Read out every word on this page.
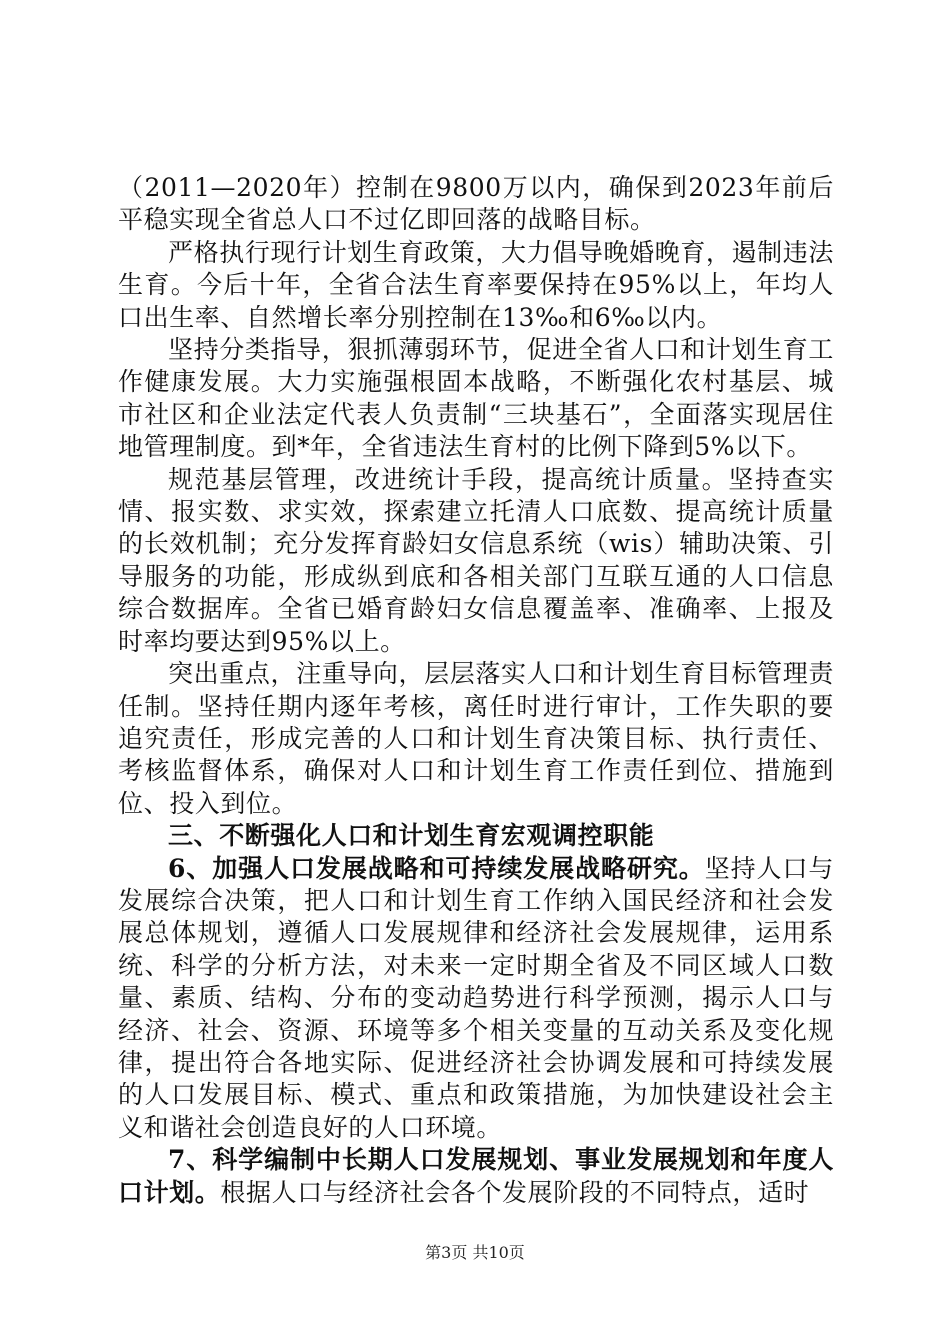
（2011—2020年）控制在9800万以内，确保到2023年前后平稳实现全省总人口不过亿即回落的战略目标。

严格执行现行计划生育政策，大力倡导晚婚晚育，遏制违法生育。今后十年，全省合法生育率要保持在95%以上，年均人口出生率、自然增长率分别控制在13‰和6‰以内。

坚持分类指导，狠抓薄弱环节，促进全省人口和计划生育工作健康发展。大力实施强根固本战略，不断强化农村基层、城市社区和企业法定代表人负责制“三块基石”，全面落实现居住地管理制度。到*年，全省违法生育村的比例下降到5%以下。

规范基层管理，改进统计手段，提高统计质量。坚持查实情、报实数、求实效，探索建立托清人口底数、提高统计质量的长效机制；充分发挥育龄妇女信息系统（wis）辅助决策、引导服务的功能，形成纵到底和各相关部门互联互通的人口信息综合数据库。全省已婚育龄妇女信息覆盖率、准确率、上报及时率均要达到95%以上。

突出重点，注重导向，层层落实人口和计划生育目标管理责任制。坚持任期内逐年考核，离任时进行审计，工作失职的要追究责任，形成完善的人口和计划生育决策目标、执行责任、考核监督体系，确保对人口和计划生育工作责任到位、措施到位、投入到位。

三、不断强化人口和计划生育宏观调控职能

6、加强人口发展战略和可持续发展战略研究。坚持人口与发展综合决策，把人口和计划生育工作纳入国民经济和社会发展总体规划，遵循人口发展规律和经济社会发展规律，运用系统、科学的分析方法，对未来一定时期全省及不同区域人口数量、素质、结构、分布的变动趋势进行科学预测，揭示人口与经济、社会、资源、环境等多个相关变量的互动关系及变化规律，提出符合各地实际、促进经济社会协调发展和可持续发展的人口发展目标、模式、重点和政策措施，为加快建设社会主义和谐社会创造良好的人口环境。

7、科学编制中长期人口发展规划、事业发展规划和年度人口计划。根据人口与经济社会各个发展阶段的不同特点，适时

第3页 共10页
